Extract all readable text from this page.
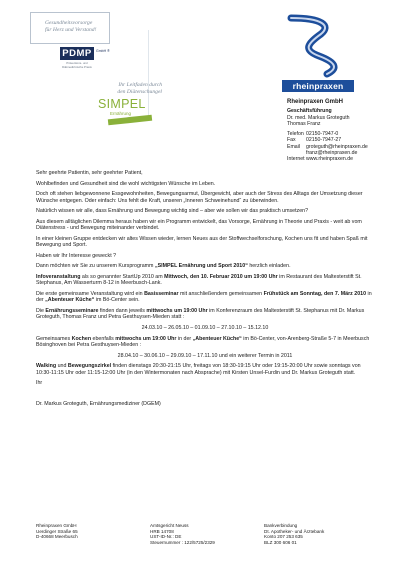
Gesundheitsvorsorge
für Herz und Verstand!
PDMP	GmbH ®
Präventions- und Diätmedizinische Praxis
Ihr Leitfaden durch
den Diätenschungel
SIMPEL
Ernährung
rheinpraxen
Rheinpraxen GmbH
Geschäftsführung
Dr. med. Markus Groteguth
Thomas Franz
Telefon 02150-7947-0
Fax 02150-7947-27
Email groteguth@rheinpraxen.de
franz@rheinpraxen.de
Internetwww.rheinpraxen.de

Sehr geehrte Patientin, sehr geehrter Patient,

Wohlbefinden und Gesundheit sind die wohl wichtigsten Wünsche im Leben.

Doch oft stehen liebgewonnene Essgewohnheiten, Bewegungsarmut, Übergewicht, aber auch der Stress des Alltags der Umsetzung dieser Wünsche entgegen. Oder einfach: Uns fehlt die Kraft, unseren „Inneren Schweinehund“ zu überwinden.

Natürlich wissen wir alle, dass Ernährung und Bewegung wichtig sind – aber wie sollen wir das praktisch umsetzen?

Aus diesem alltäglichen Dilemma heraus haben wir ein Programm entwickelt, das Vorsorge, Ernährung in Theorie und Praxis - weit ab vom Diätenstress - und Bewegung miteinander verbindet.

In einer kleinen Gruppe entdecken wir altes Wissen wieder, lernen Neues aus der Stoffwechselforschung, Kochen uns fit und haben Spaß mit Bewegung und Sport.

Haben wir Ihr Interesse geweckt ?

Dann möchten wir Sie zu unserem Kursprogramm „SIMPEL Ernährung und Sport 2010“ herzlich einladen.

Infoveranstaltung als so genannter StartUp 2010 am Mittwoch, den 10. Februar 2010 um 19:00 Uhr im Restaurant des Maltesterstift St. Stephanus, Am Wasserturm 8-12 in Meerbusch-Lank.

Die erste gemeinsame Veranstaltung wird ein Basisseminar mit anschließendem gemeinsamen Frühstück am Sonntag, den 7. März 2010 in der „Abenteuer Küche“ im Bö-Center sein.

Die Ernährungsseminare finden dann jeweils mittwochs um 19:00 Uhr im Konferenzraum des Maltesterstift St. Stephanus mit Dr. Markus Groteguth, Thomas Franz und Petra Gesthuysen-Mieden statt :

24.03.10 – 26.05.10 – 01.09.10 – 27.10.10 – 15.12.10

Gemeinsames Kochen ebenfalls mittwochs um 19:00 Uhr in der „Abenteuer Küche“ im Bö-Center, von-Arenberg-Straße 5-7 in Meerbusch Bösinghoven bei Petra Gesthuysen-Mieden :

28.04.10 – 30.06.10 – 29.09.10 – 17.11.10 und ein weiterer Termin in 2011

Walking und Bewegungszirkel finden dienstags 20:30-21:15 Uhr, freitags von 18:30-19:15 Uhr oder 19:15-20:00 Uhr sowie sonntags von 10:30-11:15 Uhr oder 11:15-12:00 Uhr (in den Wintermonaten nach Absprache) mit Kirsten Unsel-Furdin und Dr. Markus Groteguth statt.

Ihr

Dr. Markus Groteguth, Ernährungsmediziner (DGEM)

Rheinpraxen GmbH
Uerdinger Straße 65
D-40668 Meerbusch
Amtsgericht Neuss
HRB 14708
UST-ID-Nr.: DE
Steuernummer : 122/5725/2329
Bankverbindung
Dt. Apotheker- und Ärztebank
Konto 207 253 635
BLZ 300 606 01
